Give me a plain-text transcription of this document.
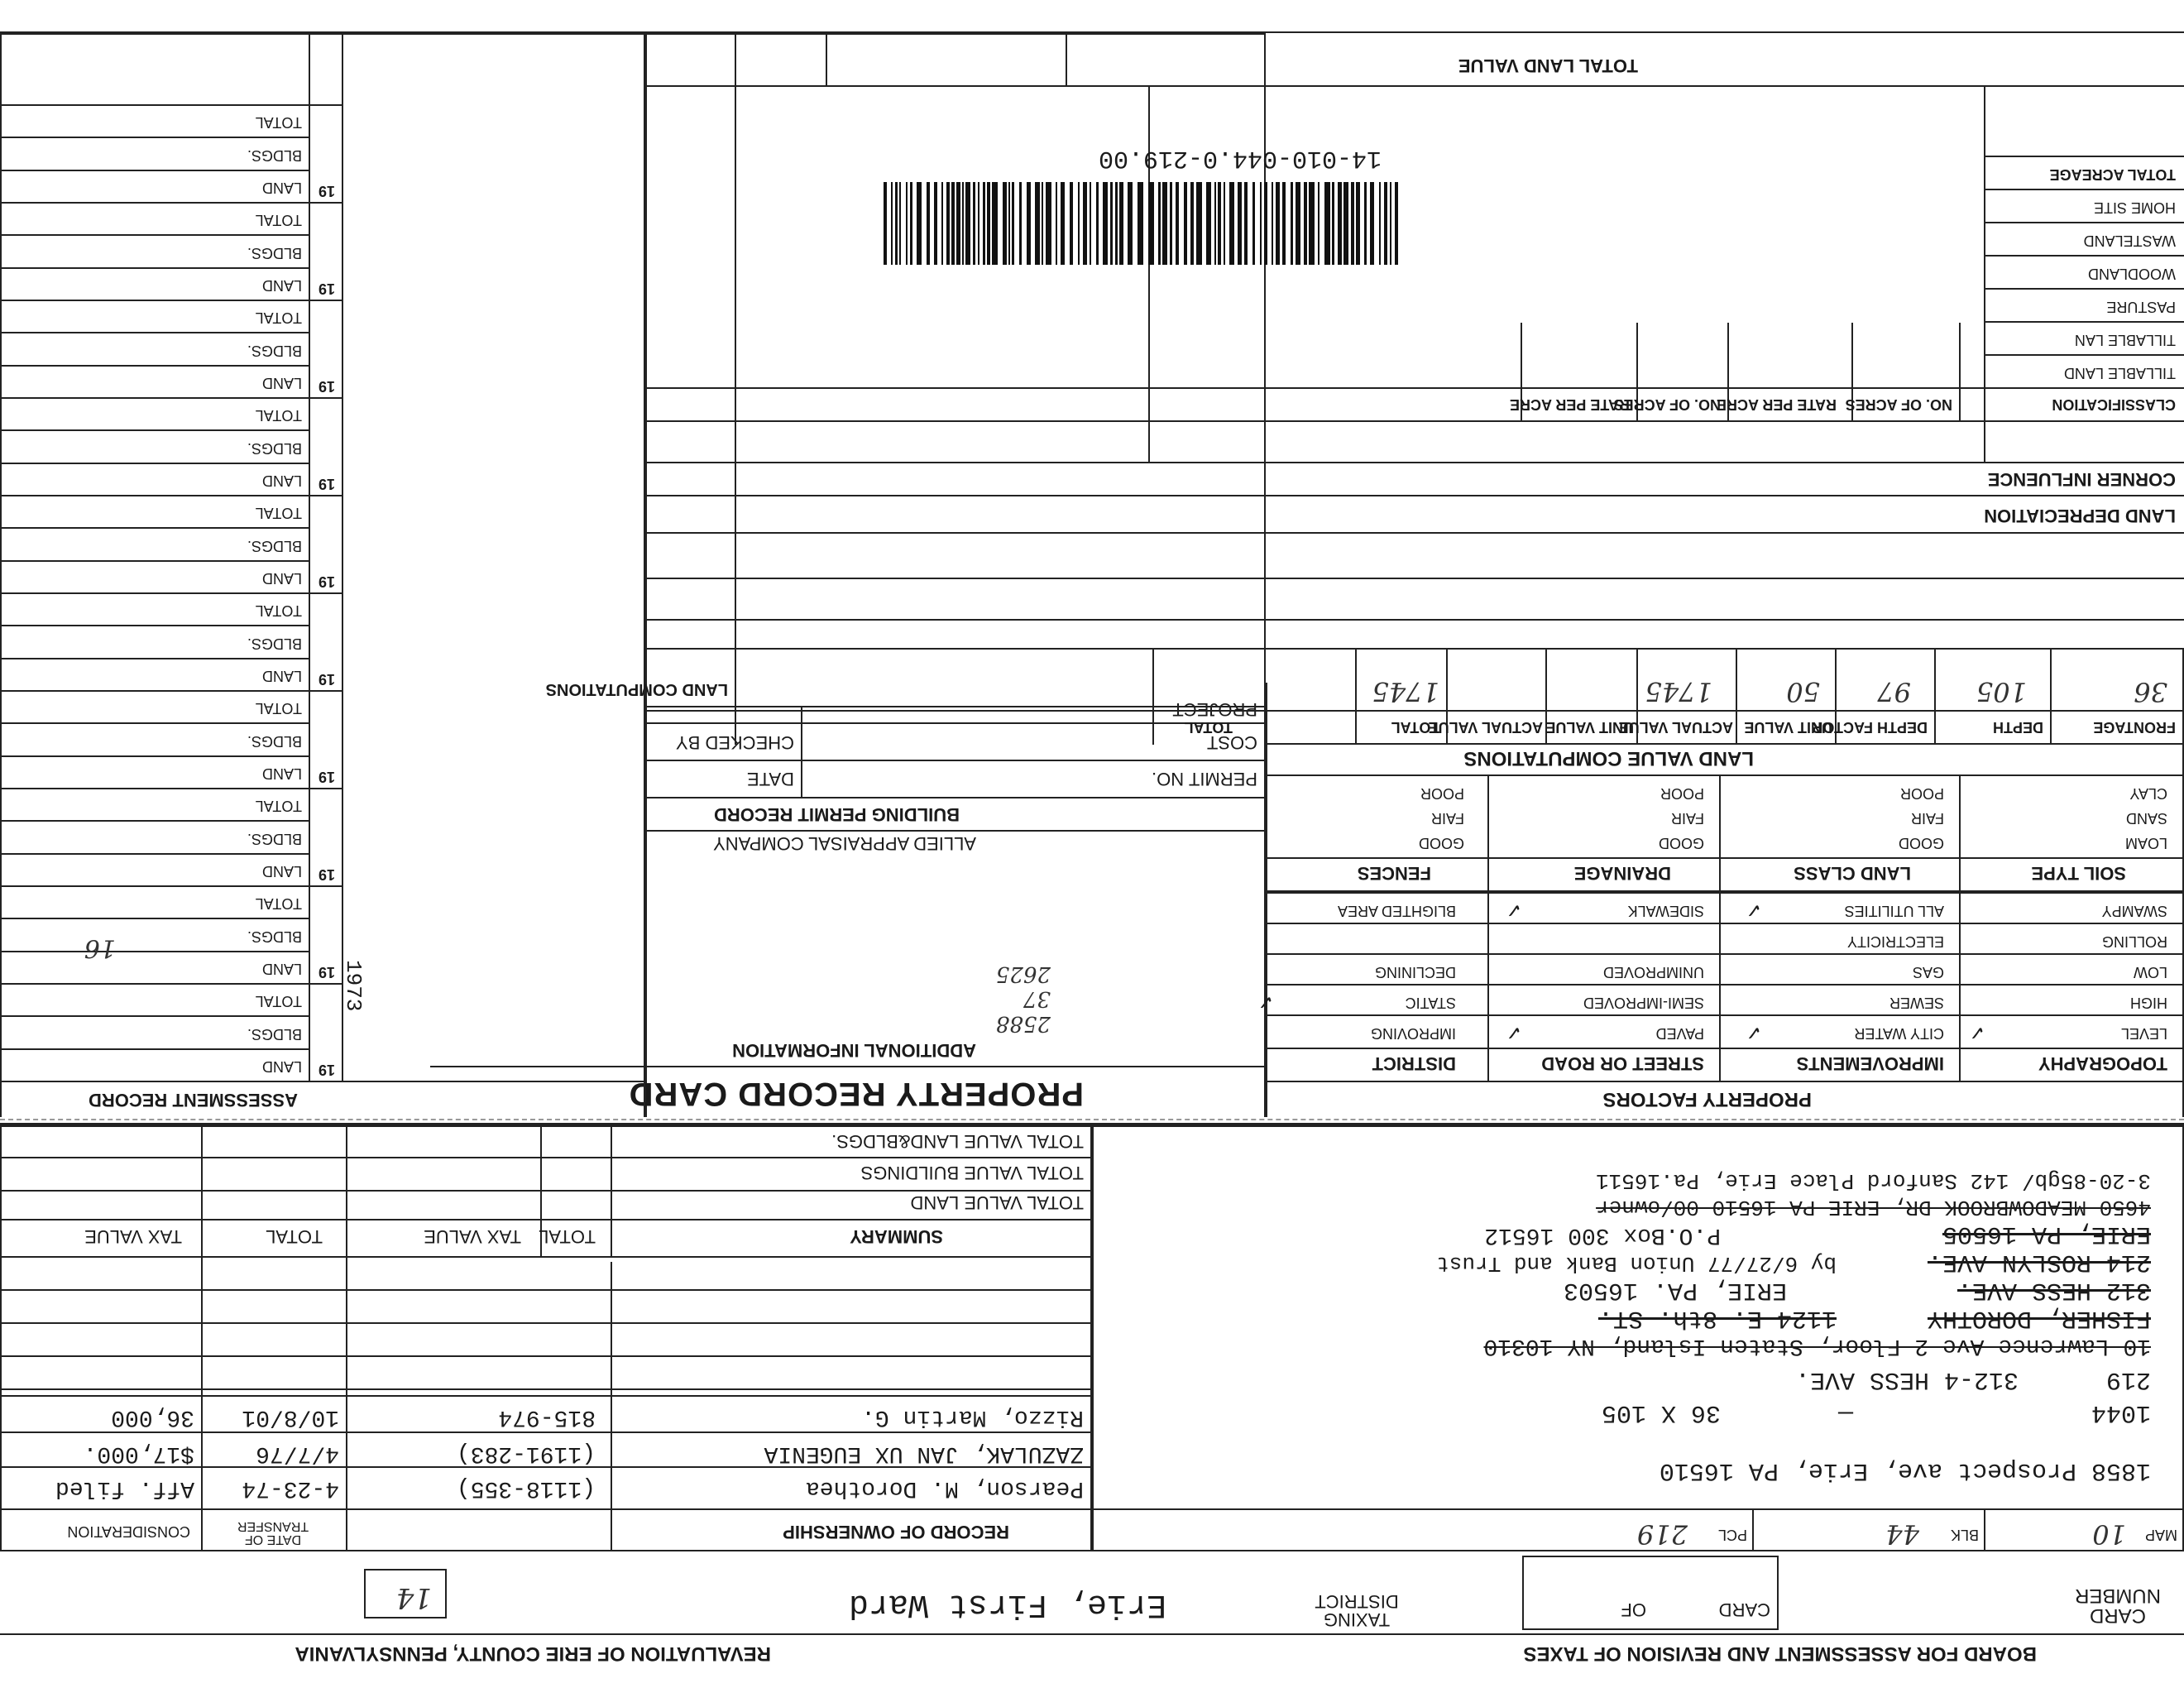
REVALUATION OF ERIE COUNTY, PENNSYLVANIA	BOARD FOR ASSESSMENT AND REVISION OF TAXES
CARD NUMBER
CARD
OF
TAXING DISTRICT
Erie, First Ward
14
MAP
10
BLK
44
PCL
219
1858 Prospect ave, Erie, PA 16510
1044
—
36 X 105
219
312-4 HESS AVE.
10 Lawrence Ave 2 Floor, Staten Island, NY 10310
FISHER, DOROTHY
1124 E. 8th. ST.
312 HESS AVE.
ERIE, PA. 16503
214 ROSLYN AVE.
by 6/27/77 Union Bank and Trust
ERIE, PA 16505
P.O.Box 300 16512
4650 MEADOWBROOK DR, ERIE PA 16510 00/owner
3-20-85gb/ 142 Sanford Place Erie, Pa.16511
RECORD OF OWNERSHIP
DATE OF TRANSFER
CONSIDERATION
Pearson, M. Dorothea
(1118-355)
4-23-74
Aff. filed
ZAZULAK, JAN UX EUGENIA
(1191-283)
4/7/76
$17,000.
Rizzo, Martin G.
815-974
10/8/01
36,000
SUMMARY
TOTAL
TAX VALUE
TOTAL
TAX VALUE
TOTAL VALUE LAND
TOTAL VALUE BUILDINGS
TOTAL VALUE LAND&BLDGS.
PROPERTY FACTORS
TOPOGRAPHY
IMPROVEMENTS
STREET OR ROAD
DISTRICT
LEVEL
✓
CITY WATER
✓
PAVED
✓
IMPROVING
HIGH
SEWER
SEMI-IMPROVED
STATIC
✓
LOW
GAS
UNIMPROVED
DECLINING
ROLLING
ELECTRICITY
SWAMPY
ALL UTILITIES
✓
SIDEWALK
✓
BLIGHTED AREA
SOIL TYPE
LAND CLASS
DRAINAGE
FENCES
LOAM
GOOD
GOOD
GOOD
SAND
FAIR
FAIR
FAIR
CLAY
POOR
POOR
POOR
LAND VALUE COMPUTATIONS
PROPERTY RECORD CARD
ADDITIONAL INFORMATION
2588
37
2625
ALLIED APPRAISAL COMPANY
BUILDING PERMIT RECORD
PERMIT NO.
COST
PROJECT
DATE
CHECKED BY
LAND COMPUTATIONS
ASSESSMENT RECORD
19
LAND
BLDGS.
TOTAL
19
LAND
BLDGS.
TOTAL
19
LAND
BLDGS.
TOTAL
19
LAND
BLDGS.
TOTAL
19
LAND
BLDGS.
TOTAL
19
LAND
BLDGS.
TOTAL
19
LAND
BLDGS.
TOTAL
19
LAND
BLDGS.
TOTAL
19
LAND
BLDGS.
TOTAL
19
LAND
BLDGS.
TOTAL
16
1973
FRONTAGE
DEPTH
DEPTH FACTOR
UNIT VALUE
ACTUAL VALUE
UNIT VALUE
ACTUAL VALUE
TOTAL
TOTAL
36
105
97
50
1745
1745
LAND DEPRECIATION
CORNER INFLUENCE
CLASSIFICATION
NO. OF ACRES
RATE PER ACRE
NO. OF ACRES
RATE PER ACRE
TILLABLE LAND
TILLABLE LAN
PASTURE
WOODLAND
WASTELAND
HOME SITE
TOTAL ACREAGE
14-010-044.0-219.00
TOTAL LAND VALUE
